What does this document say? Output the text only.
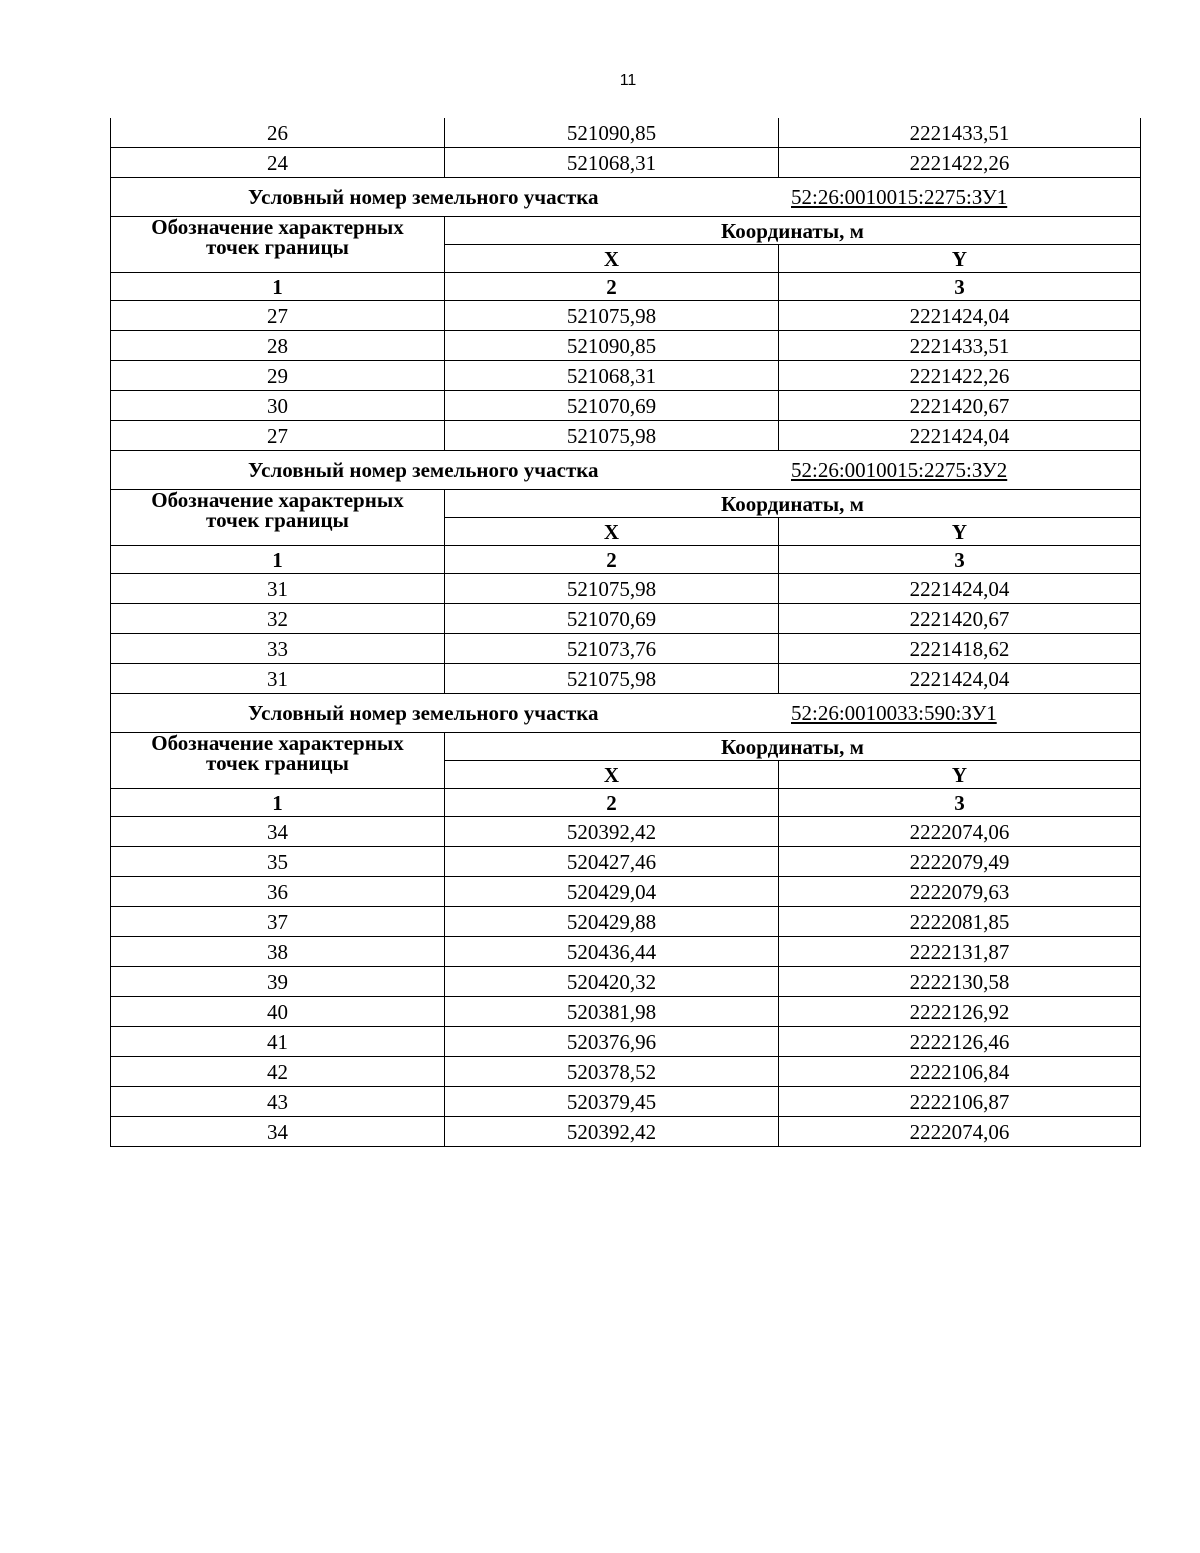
11
26	521090,85	2221433,51
24	521068,31	2221422,26

Условный номер земельного участка 52:26:0010015:2275:ЗУ1		

Обозначение характерных
точек границы	Координаты, м	
	X	Y
1	2	3
27	521075,98	2221424,04
28	521090,85	2221433,51
29	521068,31	2221422,26
30	521070,69	2221420,67
27	521075,98	2221424,04

Условный номер земельного участка 52:26:0010015:2275:ЗУ2		

Обозначение характерных
точек границы	Координаты, м	
	X	Y
1	2	3
31	521075,98	2221424,04
32	521070,69	2221420,67
33	521073,76	2221418,62
31	521075,98	2221424,04

Условный номер земельного участка 52:26:0010033:590:ЗУ1		

Обозначение характерных
точек границы	Координаты, м	
	X	Y
1	2	3
34	520392,42	2222074,06
35	520427,46	2222079,49
36	520429,04	2222079,63
37	520429,88	2222081,85
38	520436,44	2222131,87
39	520420,32	2222130,58
40	520381,98	2222126,92
41	520376,96	2222126,46
42	520378,52	2222106,84
43	520379,45	2222106,87
34	520392,42	2222074,06
